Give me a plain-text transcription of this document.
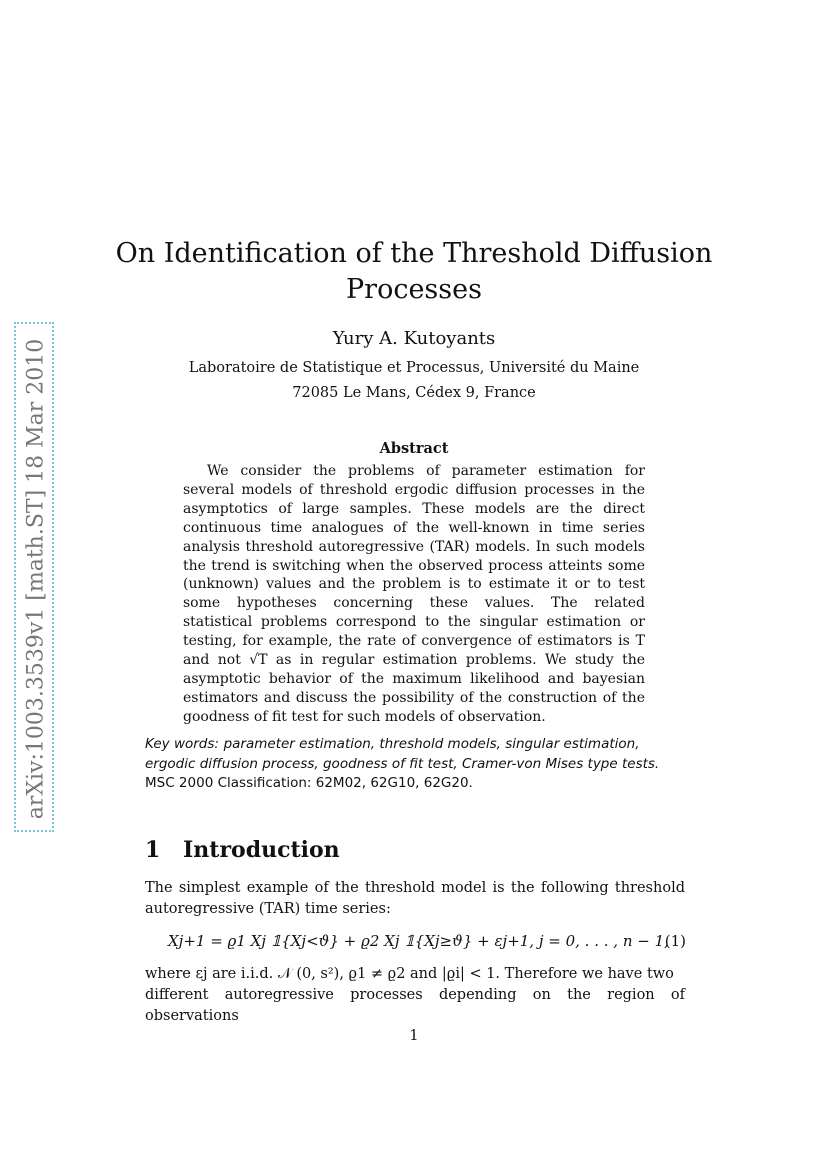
arXiv:1003.3539v1 [math.ST] 18 Mar 2010
On Identification of the Threshold Diffusion
Processes
Yury A. Kutoyants
Laboratoire de Statistique et Processus, Université du Maine
72085 Le Mans, Cédex 9, France
Abstract

We consider the problems of parameter estimation for several models of threshold ergodic diffusion processes in the asymptotics of large samples. These models are the direct continuous time analogues of the well-known in time series analysis threshold autoregressive (TAR) models. In such models the trend is switching when the observed process atteints some (unknown) values and the problem is to estimate it or to test some hypotheses concerning these values. The related statistical problems correspond to the singular estimation or testing, for example, the rate of convergence of estimators is T and not √T as in regular estimation problems. We study the asymptotic behavior of the maximum likelihood and bayesian estimators and discuss the possibility of the construction of the goodness of fit test for such models of observation.

Key words: parameter estimation, threshold models, singular estimation, ergodic diffusion process, goodness of fit test, Cramer-von Mises type tests.
MSC 2000 Classification: 62M02, 62G10, 62G20.
1 Introduction
The simplest example of the threshold model is the following threshold autoregressive (TAR) time series:
Xj+1 = ϱ1 Xj 𝟙{Xj<ϑ} + ϱ2 Xj 𝟙{Xj≥ϑ} + εj+1, j = 0, . . . , n − 1,
(1)
where εj are i.i.d. 𝒩 (0, s²), ϱ1 ≠ ϱ2 and |ϱi| < 1. Therefore we have two
different autoregressive processes depending on the region of observations
1
